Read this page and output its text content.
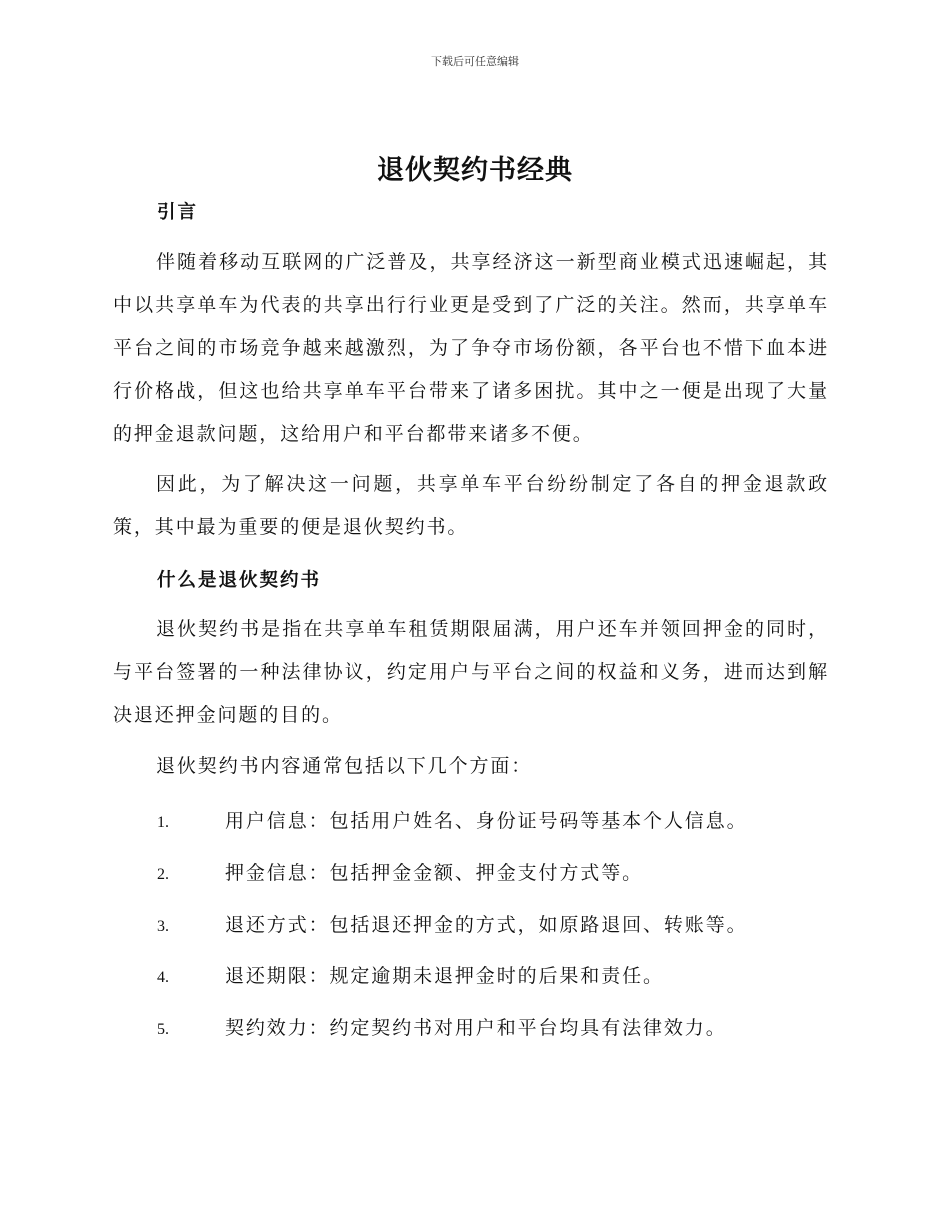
下载后可任意编辑
退伙契约书经典
引言
伴随着移动互联网的广泛普及，共享经济这一新型商业模式迅速崛起，其中以共享单车为代表的共享出行行业更是受到了广泛的关注。然而，共享单车平台之间的市场竞争越来越激烈，为了争夺市场份额，各平台也不惜下血本进行价格战，但这也给共享单车平台带来了诸多困扰。其中之一便是出现了大量的押金退款问题，这给用户和平台都带来诸多不便。
因此，为了解决这一问题，共享单车平台纷纷制定了各自的押金退款政策，其中最为重要的便是退伙契约书。
什么是退伙契约书
退伙契约书是指在共享单车租赁期限届满，用户还车并领回押金的同时，与平台签署的一种法律协议，约定用户与平台之间的权益和义务，进而达到解决退还押金问题的目的。
退伙契约书内容通常包括以下几个方面：
1.	用户信息：包括用户姓名、身份证号码等基本个人信息。
2.	押金信息：包括押金金额、押金支付方式等。
3.	退还方式：包括退还押金的方式，如原路退回、转账等。
4.	退还期限：规定逾期未退押金时的后果和责任。
5.	契约效力：约定契约书对用户和平台均具有法律效力。
